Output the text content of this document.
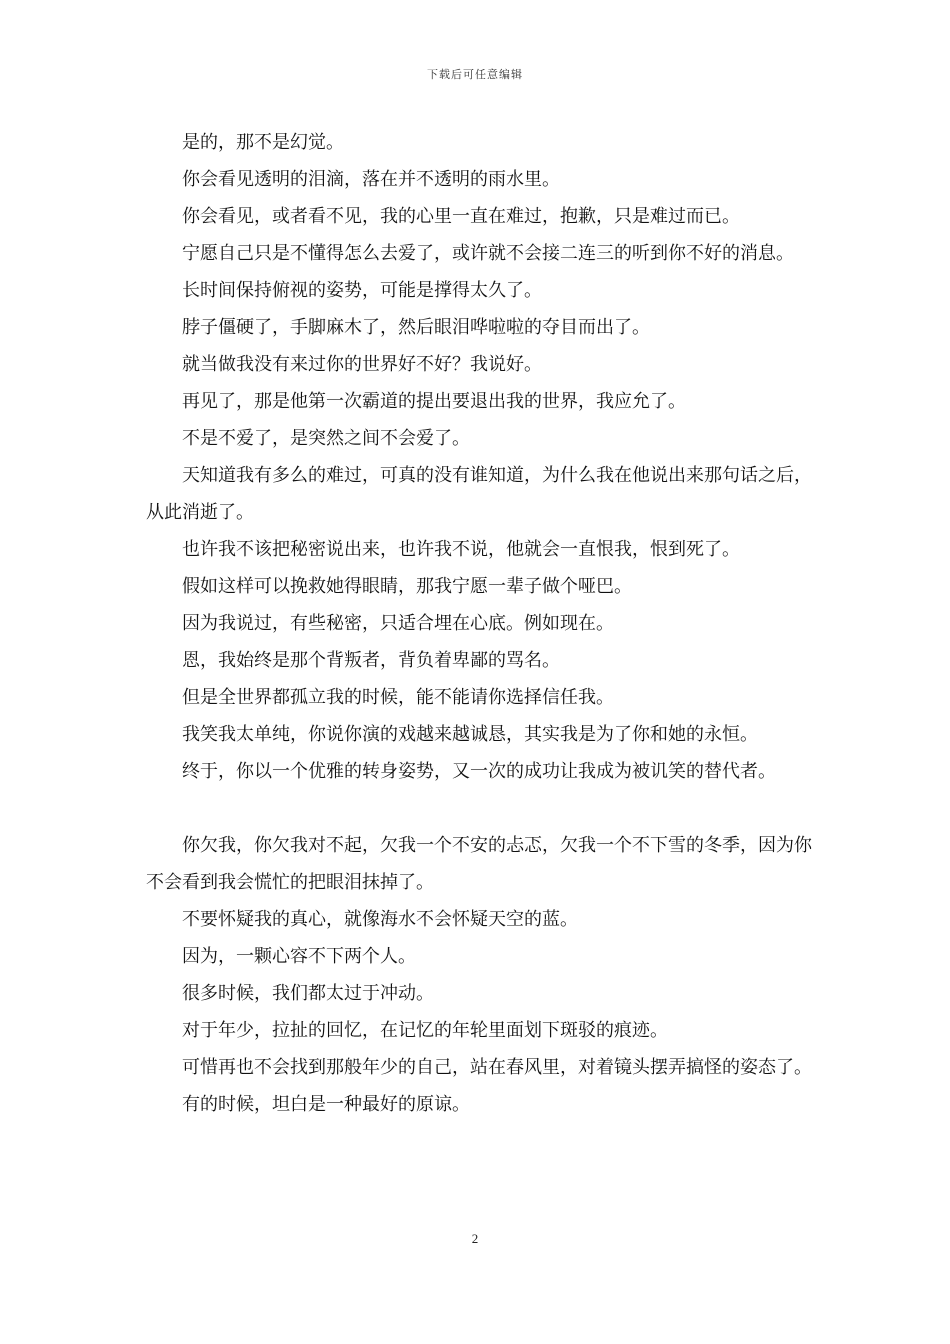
下载后可任意编辑

是的，那不是幻觉。

你会看见透明的泪滴，落在并不透明的雨水里。

你会看见，或者看不见，我的心里一直在难过，抱歉，只是难过而已。

宁愿自己只是不懂得怎么去爱了，或许就不会接二连三的听到你不好的消息。

长时间保持俯视的姿势，可能是撑得太久了。

脖子僵硬了，手脚麻木了，然后眼泪哗啦啦的夺目而出了。

就当做我没有来过你的世界好不好？我说好。

再见了，那是他第一次霸道的提出要退出我的世界，我应允了。

不是不爱了，是突然之间不会爱了。

天知道我有多么的难过，可真的没有谁知道，为什么我在他说出来那句话之后，从此消逝了。

也许我不该把秘密说出来，也许我不说，他就会一直恨我，恨到死了。

假如这样可以挽救她得眼睛，那我宁愿一辈子做个哑巴。

因为我说过，有些秘密，只适合埋在心底。例如现在。

恩，我始终是那个背叛者，背负着卑鄙的骂名。

但是全世界都孤立我的时候，能不能请你选择信任我。

我笑我太单纯，你说你演的戏越来越诚恳，其实我是为了你和她的永恒。

终于，你以一个优雅的转身姿势，又一次的成功让我成为被讥笑的替代者。

你欠我，你欠我对不起，欠我一个不安的忐忑，欠我一个不下雪的冬季，因为你不会看到我会慌忙的把眼泪抹掉了。

不要怀疑我的真心，就像海水不会怀疑天空的蓝。

因为，一颗心容不下两个人。

很多时候，我们都太过于冲动。

对于年少，拉扯的回忆，在记忆的年轮里面划下斑驳的痕迹。

可惜再也不会找到那般年少的自己，站在春风里，对着镜头摆弄搞怪的姿态了。

有的时候，坦白是一种最好的原谅。

2
